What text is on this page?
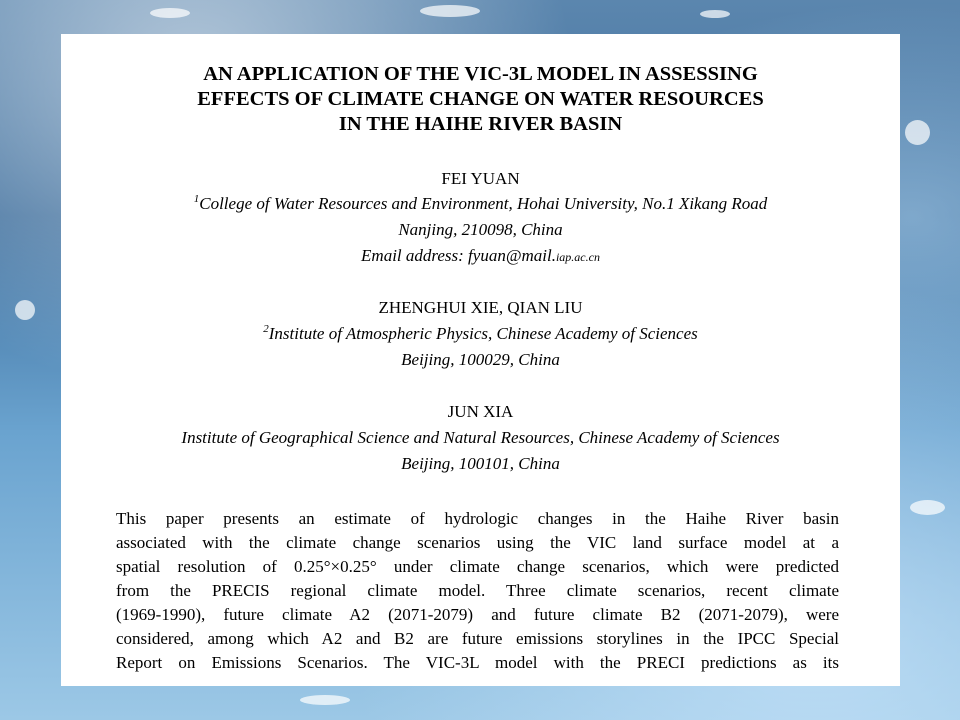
AN APPLICATION OF THE VIC-3L MODEL IN ASSESSING
EFFECTS OF CLIMATE CHANGE ON WATER RESOURCES
IN THE HAIHE RIVER BASIN
FEI YUAN
$^1$College of Water Resources and Environment, Hohai University, No.1 Xikang Road
Nanjing, 210098, China
Email address: fyuan@mail.iap.ac.cn
ZHENGHUI XIE, QIAN LIU
$^2$Institute of Atmospheric Physics, Chinese Academy of Sciences
Beijing, 100029, China
JUN XIA
Institute of Geographical Science and Natural Resources, Chinese Academy of Sciences
Beijing, 100101, China
This paper presents an estimate of hydrologic changes in the Haihe River basin
associated with the climate change scenarios using the VIC land surface model at a
spatial resolution of 0.25°×0.25° under climate change scenarios, which were predicted
from the PRECIS regional climate model. Three climate scenarios, recent climate
(1969-1990), future climate A2 (2071-2079) and future climate B2 (2071-2079), were
considered, among which A2 and B2 are future emissions storylines in the IPCC Special
Report on Emissions Scenarios. The VIC-3L model with the PRECI predictions as its
